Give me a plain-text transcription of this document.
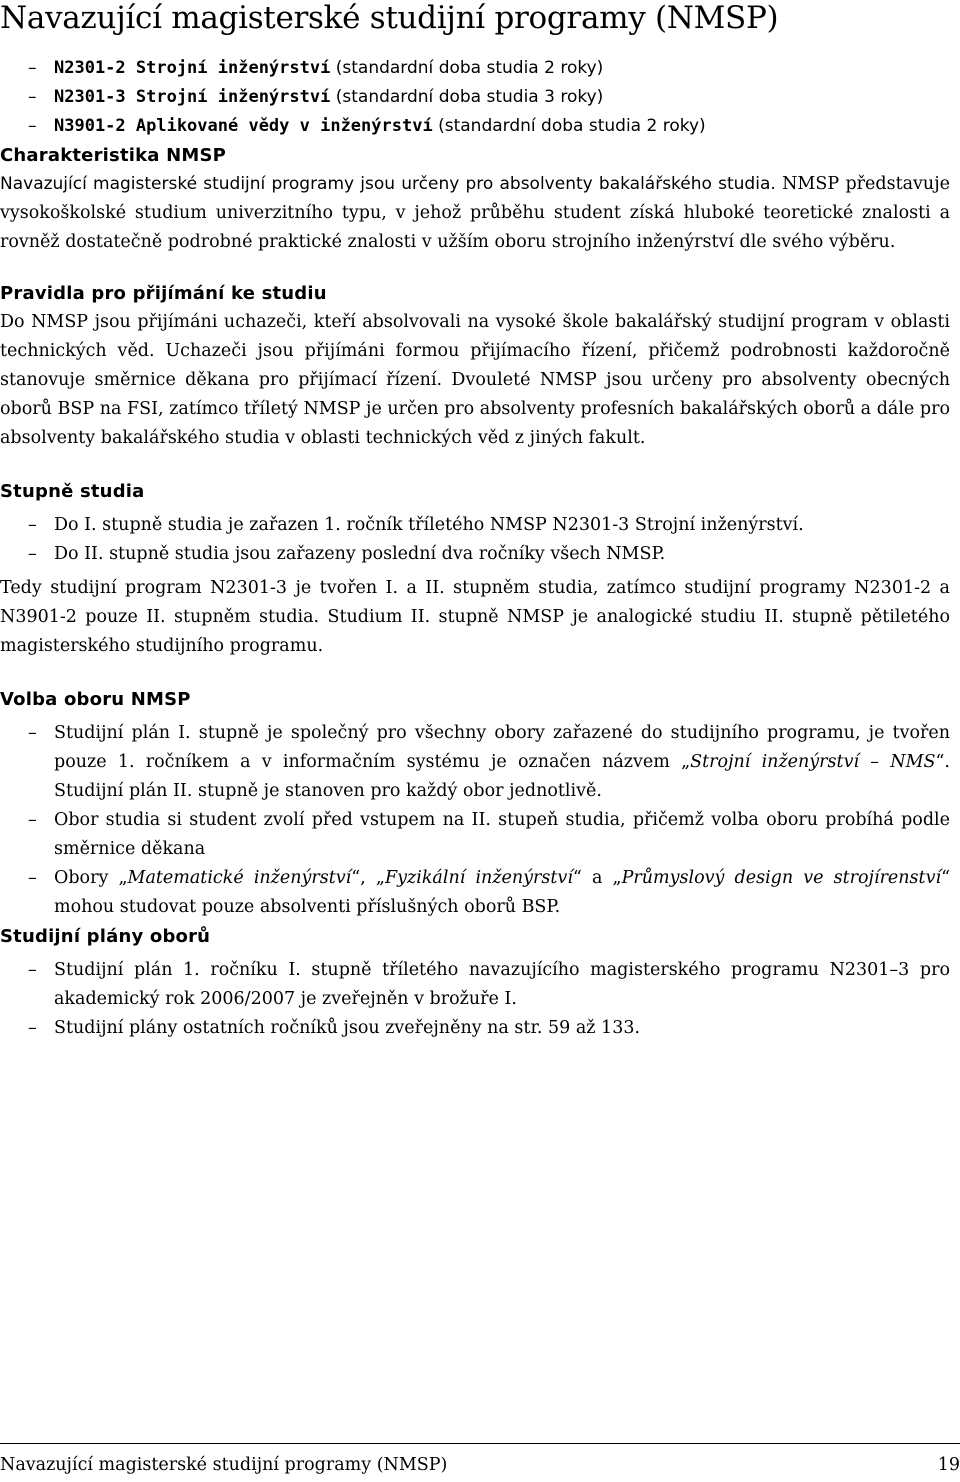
Navazující magisterské studijní programy (NMSP)
– N2301-2 Strojní inženýrství (standardní doba studia 2 roky)
– N2301-3 Strojní inženýrství (standardní doba studia 3 roky)
– N3901-2 Aplikované vědy v inženýrství (standardní doba studia 2 roky)
Charakteristika NMSP

Navazující magisterské studijní programy jsou určeny pro absolventy bakalářského studia. NMSP představuje vysokoškolské studium univerzitního typu, v jehož průběhu student získá hluboké teoretické znalosti a rovněž dostatečně podrobné praktické znalosti v užším oboru strojního inženýrství dle svého výběru.

Pravidla pro přijímání ke studiu

Do NMSP jsou přijímáni uchazeči, kteří absolvovali na vysoké škole bakalářský studijní program v oblasti technických věd. Uchazeči jsou přijímáni formou přijímacího řízení, přičemž podrobnosti každoročně stanovuje směrnice děkana pro přijímací řízení. Dvouleté NMSP jsou určeny pro absolventy obecných oborů BSP na FSI, zatímco tříletý NMSP je určen pro absolventy profesních bakalářských oborů a dále pro absolventy bakalářského studia v oblasti technických věd z jiných fakult.

Stupně studia
– Do I. stupně studia je zařazen 1. ročník tříletého NMSP N2301-3 Strojní inženýrství.
– Do II. stupně studia jsou zařazeny poslední dva ročníky všech NMSP.

Tedy studijní program N2301-3 je tvořen I. a II. stupněm studia, zatímco studijní programy N2301-2 a N3901-2 pouze II. stupněm studia. Studium II. stupně NMSP je analogické studiu II. stupně pětiletého magisterského studijního programu.

Volba oboru NMSP

– Studijní plán I. stupně je společný pro všechny obory zařazené do studijního programu, je tvořen pouze 1. ročníkem a v informačním systému je označen názvem „Strojní inženýrství – NMS“. Studijní plán II. stupně je stanoven pro každý obor jednotlivě.

– Obor studia si student zvolí před vstupem na II. stupeň studia, přičemž volba oboru probíhá podle směrnice děkana

– Obory „Matematické inženýrství“, „Fyzikální inženýrství“ a „Průmyslový design ve strojírenství“ mohou studovat pouze absolventi příslušných oborů BSP.

Studijní plány oborů

– Studijní plán 1. ročníku I. stupně tříletého navazujícího magisterského programu N2301–3 pro akademický rok 2006/2007 je zveřejněn v brožuře I.

– Studijní plány ostatních ročníků jsou zveřejněny na str. 59 až 133.

Navazující magisterské studijní programy (NMSP)	19
